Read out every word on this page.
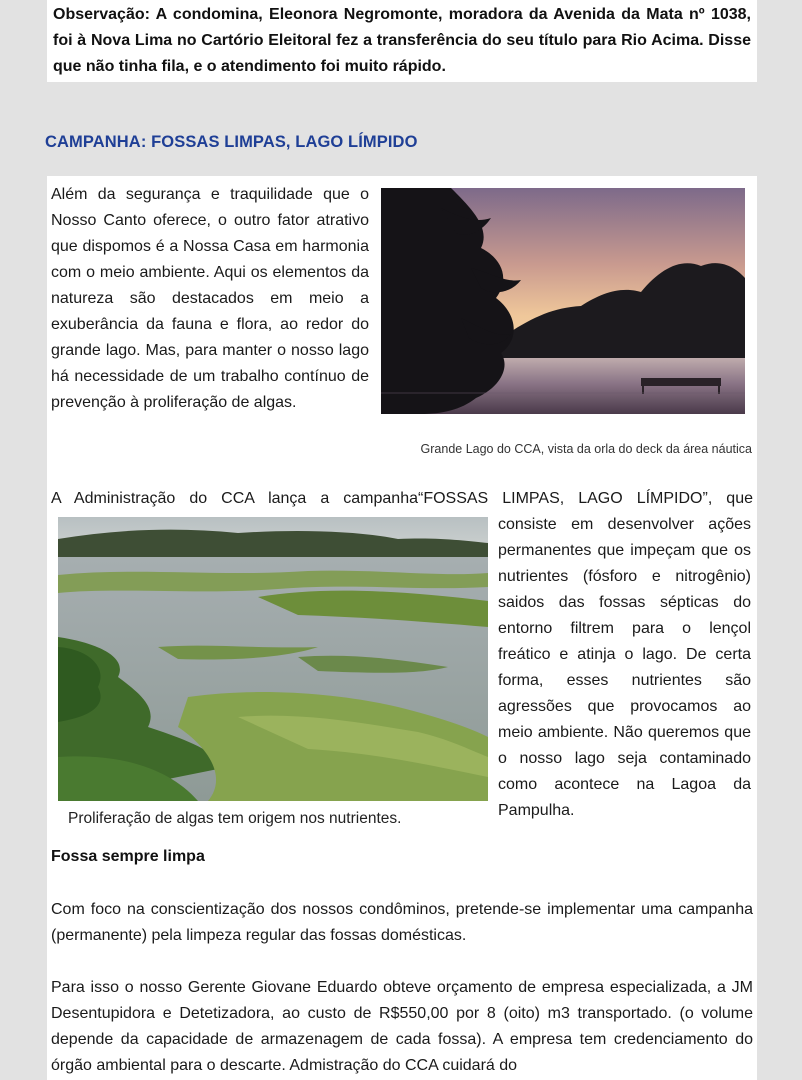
Observação: A condomina, Eleonora Negromonte, moradora da Avenida da Mata nº 1038, foi à Nova Lima no Cartório Eleitoral fez a transferência do seu título para Rio Acima. Disse que não tinha fila, e o atendimento foi muito rápido.

CAMPANHA: FOSSAS LIMPAS, LAGO LÍMPIDO

Além da segurança e traquilidade que o Nosso Canto oferece, o outro fator atrativo que dispomos é a Nossa Casa em harmonia com o meio ambiente. Aqui os elementos da natureza são destacados em meio a exuberância da fauna e flora, ao redor do grande lago. Mas, para manter o nosso lago há necessidade de um trabalho contínuo de prevenção à proliferação de algas.

Grande Lago do CCA, vista da orla do deck da área náutica

A Administração do CCA lança a campanha“FOSSAS LIMPAS, LAGO LÍMPIDO”, que

Proliferação de algas tem origem nos nutrientes.

consiste em desenvolver ações permanentes que impeçam que os nutrientes (fósforo e nitrogênio) saidos das fossas sépticas do entorno filtrem para o lençol freático e atinja o lago. De certa forma, esses nutrientes são agressões que provocamos ao meio ambiente. Não queremos que o nosso lago seja contaminado como acontece na Lagoa da Pampulha.

Fossa sempre limpa

Com foco na conscientização dos nossos condôminos, pretende-se implementar uma campanha (permanente) pela limpeza regular das fossas domésticas.

Para isso o nosso Gerente Giovane Eduardo obteve orçamento de empresa especializada, a JM Desentupidora e Detetizadora, ao custo de R$550,00 por 8 (oito) m3 transportado. (o volume depende da capacidade de armazenagem de cada fossa). A empresa tem credenciamento do órgão ambiental para o descarte. Admistração do CCA cuidará do
